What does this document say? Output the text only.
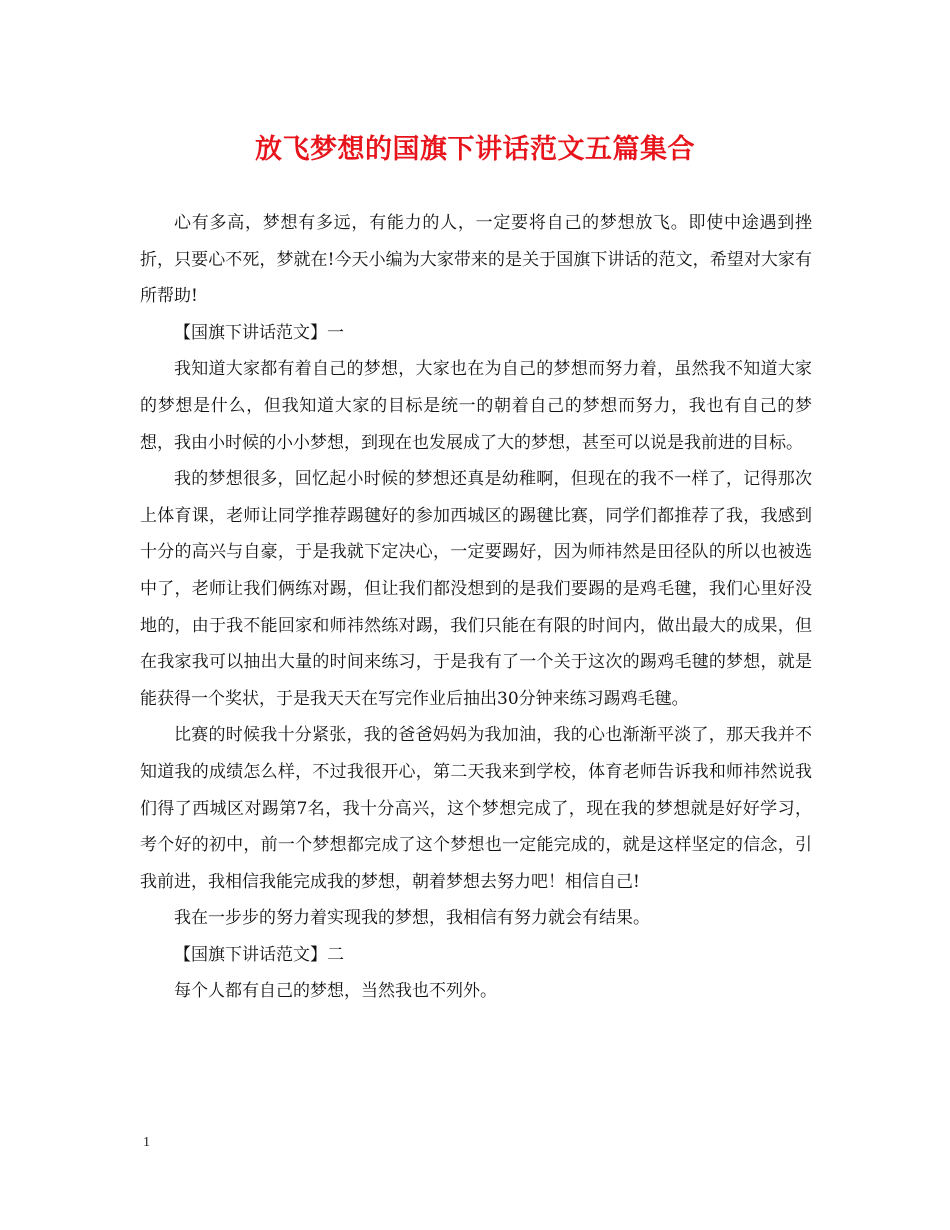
放飞梦想的国旗下讲话范文五篇集合

心有多高，梦想有多远，有能力的人，一定要将自己的梦想放飞。即使中途遇到挫折，只要心不死，梦就在!今天小编为大家带来的是关于国旗下讲话的范文，希望对大家有所帮助!

【国旗下讲话范文】一

我知道大家都有着自己的梦想，大家也在为自己的梦想而努力着，虽然我不知道大家的梦想是什么，但我知道大家的目标是统一的朝着自己的梦想而努力，我也有自己的梦想，我由小时候的小小梦想，到现在也发展成了大的梦想，甚至可以说是我前进的目标。

我的梦想很多，回忆起小时候的梦想还真是幼稚啊，但现在的我不一样了，记得那次上体育课，老师让同学推荐踢毽好的参加西城区的踢毽比赛，同学们都推荐了我，我感到十分的高兴与自豪，于是我就下定决心，一定要踢好，因为师祎然是田径队的所以也被选中了，老师让我们俩练对踢，但让我们都没想到的是我们要踢的是鸡毛毽，我们心里好没地的，由于我不能回家和师祎然练对踢，我们只能在有限的时间内，做出最大的成果，但在我家我可以抽出大量的时间来练习，于是我有了一个关于这次的踢鸡毛毽的梦想，就是能获得一个奖状，于是我天天在写完作业后抽出30分钟来练习踢鸡毛毽。

比赛的时候我十分紧张，我的爸爸妈妈为我加油，我的心也渐渐平淡了，那天我并不知道我的成绩怎么样，不过我很开心，第二天我来到学校，体育老师告诉我和师祎然说我们得了西城区对踢第7名，我十分高兴，这个梦想完成了，现在我的梦想就是好好学习，考个好的初中，前一个梦想都完成了这个梦想也一定能完成的，就是这样坚定的信念，引我前进，我相信我能完成我的梦想，朝着梦想去努力吧！相信自己!

我在一步步的努力着实现我的梦想，我相信有努力就会有结果。

【国旗下讲话范文】二

每个人都有自己的梦想，当然我也不列外。

1
